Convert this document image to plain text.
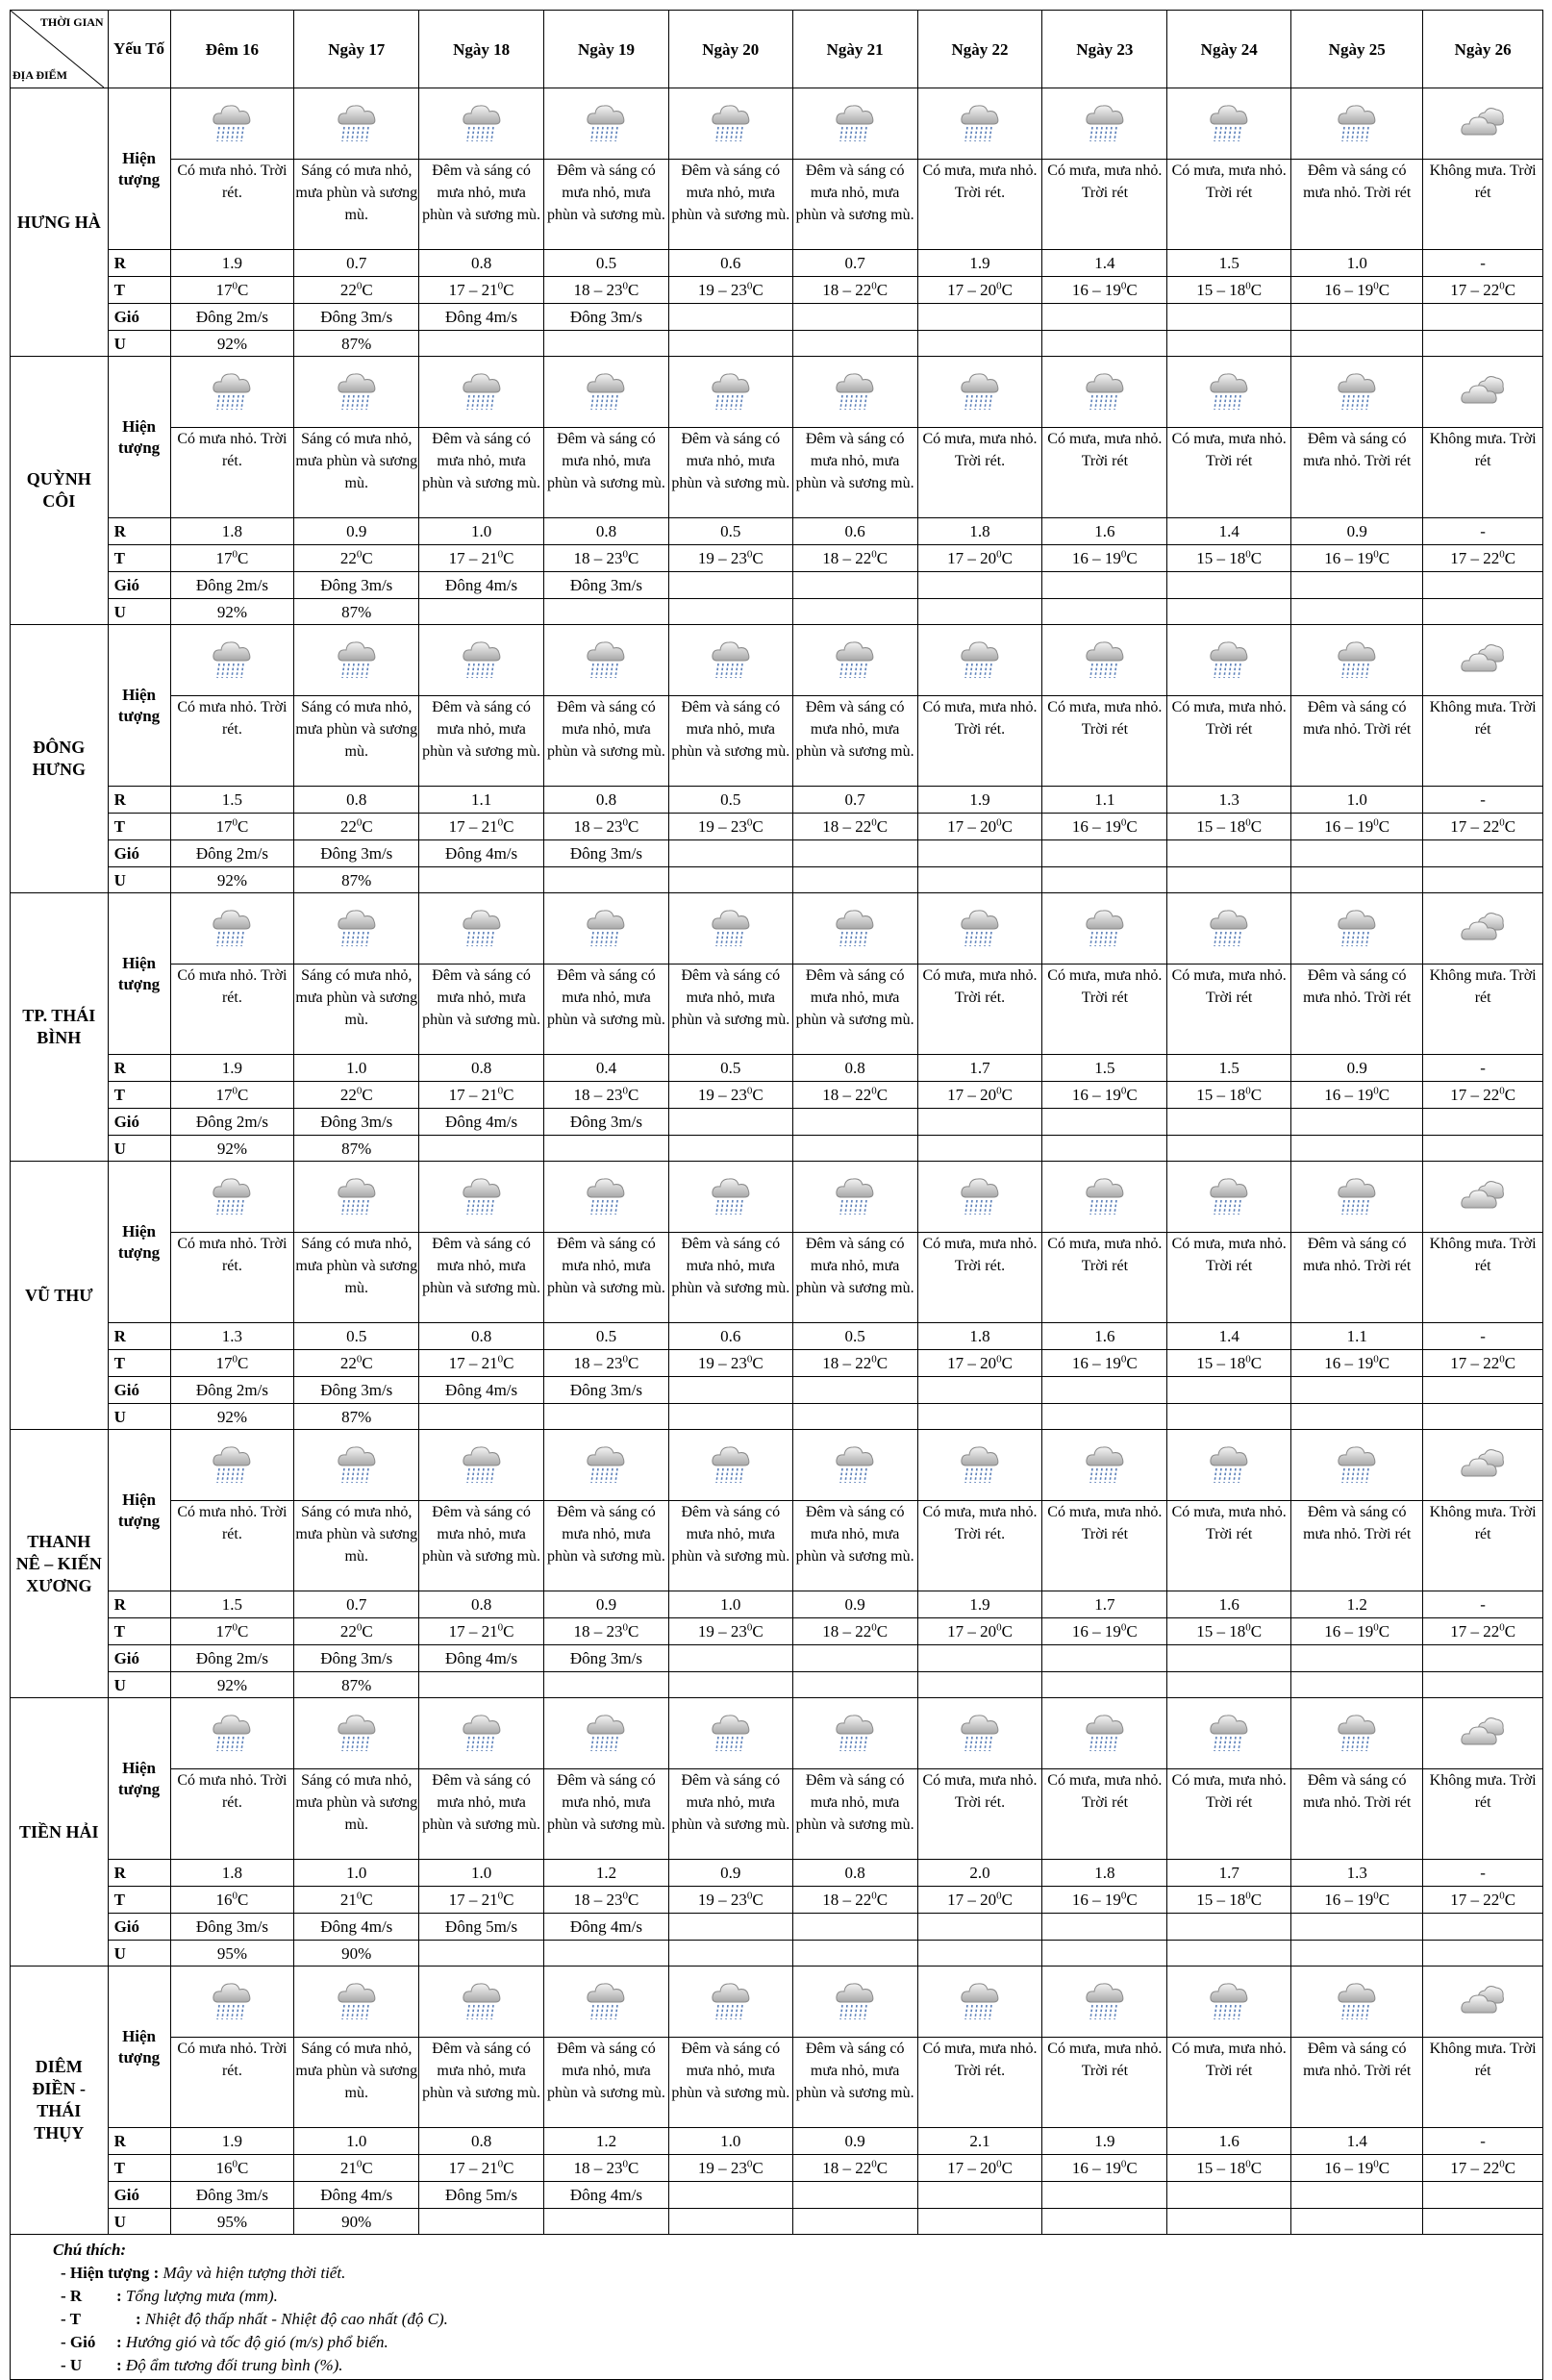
THỜI GIAN
ĐỊA ĐIỂM	Yếu Tố	Đêm 16	Ngày 17	Ngày 18	Ngày 19	Ngày 20	Ngày 21	Ngày 22	Ngày 23	Ngày 24	Ngày 25	Ngày 26
HƯNG HÀ	Hiện tượng											
		Có mưa nhỏ. Trời rét.	Sáng có mưa nhỏ, mưa phùn và sương mù.	Đêm và sáng có mưa nhỏ, mưa phùn và sương mù.	Đêm và sáng có mưa nhỏ, mưa phùn và sương mù.	Đêm và sáng có mưa nhỏ, mưa phùn và sương mù.	Đêm và sáng có mưa nhỏ, mưa phùn và sương mù.	Có mưa, mưa nhỏ. Trời rét.	Có mưa, mưa nhỏ. Trời rét	Có mưa, mưa nhỏ. Trời rét	Đêm và sáng có mưa nhỏ. Trời rét	Không mưa. Trời rét
	R	1.9	0.7	0.8	0.5	0.6	0.7	1.9	1.4	1.5	1.0	-
	T	$17^0C$	$22^0C$	$17 - 21^0C$	$18 - 23^0C$	$19 - 23^0C$	$18 - 22^0C$	$17 - 20^0C$	$16 - 19^0C$	$15 - 18^0C$	$16 - 19^0C$	$17 - 22^0C$
	Gió	Đông 2m/s	Đông 3m/s	Đông 4m/s	Đông 3m/s							
	U	92%	87%									
QUỲNH CÔI	Hiện tượng											
		Có mưa nhỏ. Trời rét.	Sáng có mưa nhỏ, mưa phùn và sương mù.	Đêm và sáng có mưa nhỏ, mưa phùn và sương mù.	Đêm và sáng có mưa nhỏ, mưa phùn và sương mù.	Đêm và sáng có mưa nhỏ, mưa phùn và sương mù.	Đêm và sáng có mưa nhỏ, mưa phùn và sương mù.	Có mưa, mưa nhỏ. Trời rét.	Có mưa, mưa nhỏ. Trời rét	Có mưa, mưa nhỏ. Trời rét	Đêm và sáng có mưa nhỏ. Trời rét	Không mưa. Trời rét
	R	1.8	0.9	1.0	0.8	0.5	0.6	1.8	1.6	1.4	0.9	-
	T	$17^0C$	$22^0C$	$17 - 21^0C$	$18 - 23^0C$	$19 - 23^0C$	$18 - 22^0C$	$17 - 20^0C$	$16 - 19^0C$	$15 - 18^0C$	$16 - 19^0C$	$17 - 22^0C$
	Gió	Đông 2m/s	Đông 3m/s	Đông 4m/s	Đông 3m/s							
	U	92%	87%									
ĐÔNG HƯNG	Hiện tượng											
		Có mưa nhỏ. Trời rét.	Sáng có mưa nhỏ, mưa phùn và sương mù.	Đêm và sáng có mưa nhỏ, mưa phùn và sương mù.	Đêm và sáng có mưa nhỏ, mưa phùn và sương mù.	Đêm và sáng có mưa nhỏ, mưa phùn và sương mù.	Đêm và sáng có mưa nhỏ, mưa phùn và sương mù.	Có mưa, mưa nhỏ. Trời rét.	Có mưa, mưa nhỏ. Trời rét	Có mưa, mưa nhỏ. Trời rét	Đêm và sáng có mưa nhỏ. Trời rét	Không mưa. Trời rét
	R	1.5	0.8	1.1	0.8	0.5	0.7	1.9	1.1	1.3	1.0	-
	T	$17^0C$	$22^0C$	$17 - 21^0C$	$18 - 23^0C$	$19 - 23^0C$	$18 - 22^0C$	$17 - 20^0C$	$16 - 19^0C$	$15 - 18^0C$	$16 - 19^0C$	$17 - 22^0C$
	Gió	Đông 2m/s	Đông 3m/s	Đông 4m/s	Đông 3m/s							
	U	92%	87%									
TP. THÁI BÌNH	Hiện tượng											
		Có mưa nhỏ. Trời rét.	Sáng có mưa nhỏ, mưa phùn và sương mù.	Đêm và sáng có mưa nhỏ, mưa phùn và sương mù.	Đêm và sáng có mưa nhỏ, mưa phùn và sương mù.	Đêm và sáng có mưa nhỏ, mưa phùn và sương mù.	Đêm và sáng có mưa nhỏ, mưa phùn và sương mù.	Có mưa, mưa nhỏ. Trời rét.	Có mưa, mưa nhỏ. Trời rét	Có mưa, mưa nhỏ. Trời rét	Đêm và sáng có mưa nhỏ. Trời rét	Không mưa. Trời rét
	R	1.9	1.0	0.8	0.4	0.5	0.8	1.7	1.5	1.5	0.9	-
	T	$17^0C$	$22^0C$	$17 - 21^0C$	$18 - 23^0C$	$19 - 23^0C$	$18 - 22^0C$	$17 - 20^0C$	$16 - 19^0C$	$15 - 18^0C$	$16 - 19^0C$	$17 - 22^0C$
	Gió	Đông 2m/s	Đông 3m/s	Đông 4m/s	Đông 3m/s							
	U	92%	87%									
VŨ THƯ	Hiện tượng											
		Có mưa nhỏ. Trời rét.	Sáng có mưa nhỏ, mưa phùn và sương mù.	Đêm và sáng có mưa nhỏ, mưa phùn và sương mù.	Đêm và sáng có mưa nhỏ, mưa phùn và sương mù.	Đêm và sáng có mưa nhỏ, mưa phùn và sương mù.	Đêm và sáng có mưa nhỏ, mưa phùn và sương mù.	Có mưa, mưa nhỏ. Trời rét.	Có mưa, mưa nhỏ. Trời rét	Có mưa, mưa nhỏ. Trời rét	Đêm và sáng có mưa nhỏ. Trời rét	Không mưa. Trời rét
	R	1.3	0.5	0.8	0.5	0.6	0.5	1.8	1.6	1.4	1.1	-
	T	$17^0C$	$22^0C$	$17 - 21^0C$	$18 - 23^0C$	$19 - 23^0C$	$18 - 22^0C$	$17 - 20^0C$	$16 - 19^0C$	$15 - 18^0C$	$16 - 19^0C$	$17 - 22^0C$
	Gió	Đông 2m/s	Đông 3m/s	Đông 4m/s	Đông 3m/s							
	U	92%	87%									
THANH NÊ – KIẾN XƯƠNG	Hiện tượng											
		Có mưa nhỏ. Trời rét.	Sáng có mưa nhỏ, mưa phùn và sương mù.	Đêm và sáng có mưa nhỏ, mưa phùn và sương mù.	Đêm và sáng có mưa nhỏ, mưa phùn và sương mù.	Đêm và sáng có mưa nhỏ, mưa phùn và sương mù.	Đêm và sáng có mưa nhỏ, mưa phùn và sương mù.	Có mưa, mưa nhỏ. Trời rét.	Có mưa, mưa nhỏ. Trời rét	Có mưa, mưa nhỏ. Trời rét	Đêm và sáng có mưa nhỏ. Trời rét	Không mưa. Trời rét
	R	1.5	0.7	0.8	0.9	1.0	0.9	1.9	1.7	1.6	1.2	-
	T	$17^0C$	$22^0C$	$17 - 21^0C$	$18 - 23^0C$	$19 - 23^0C$	$18 - 22^0C$	$17 - 20^0C$	$16 - 19^0C$	$15 - 18^0C$	$16 - 19^0C$	$17 - 22^0C$
	Gió	Đông 2m/s	Đông 3m/s	Đông 4m/s	Đông 3m/s							
	U	92%	87%									
TIỀN HẢI	Hiện tượng											
		Có mưa nhỏ. Trời rét.	Sáng có mưa nhỏ, mưa phùn và sương mù.	Đêm và sáng có mưa nhỏ, mưa phùn và sương mù.	Đêm và sáng có mưa nhỏ, mưa phùn và sương mù.	Đêm và sáng có mưa nhỏ, mưa phùn và sương mù.	Đêm và sáng có mưa nhỏ, mưa phùn và sương mù.	Có mưa, mưa nhỏ. Trời rét.	Có mưa, mưa nhỏ. Trời rét	Có mưa, mưa nhỏ. Trời rét	Đêm và sáng có mưa nhỏ. Trời rét	Không mưa. Trời rét
	R	1.8	1.0	1.0	1.2	0.9	0.8	2.0	1.8	1.7	1.3	-
	T	$16^0C$	$21^0C$	$17 - 21^0C$	$18 - 23^0C$	$19 - 23^0C$	$18 - 22^0C$	$17 - 20^0C$	$16 - 19^0C$	$15 - 18^0C$	$16 - 19^0C$	$17 - 22^0C$
	Gió	Đông 3m/s	Đông 4m/s	Đông 5m/s	Đông 4m/s							
	U	95%	90%									
DIÊM ĐIỀN - THÁI THỤY	Hiện tượng											
		Có mưa nhỏ. Trời rét.	Sáng có mưa nhỏ, mưa phùn và sương mù.	Đêm và sáng có mưa nhỏ, mưa phùn và sương mù.	Đêm và sáng có mưa nhỏ, mưa phùn và sương mù.	Đêm và sáng có mưa nhỏ, mưa phùn và sương mù.	Đêm và sáng có mưa nhỏ, mưa phùn và sương mù.	Có mưa, mưa nhỏ. Trời rét.	Có mưa, mưa nhỏ. Trời rét	Có mưa, mưa nhỏ. Trời rét	Đêm và sáng có mưa nhỏ. Trời rét	Không mưa. Trời rét
	R	1.9	1.0	0.8	1.2	1.0	0.9	2.1	1.9	1.6	1.4	-
	T	$16^0C$	$21^0C$	$17 - 21^0C$	$18 - 23^0C$	$19 - 23^0C$	$18 - 22^0C$	$17 - 20^0C$	$16 - 19^0C$	$15 - 18^0C$	$16 - 19^0C$	$17 - 22^0C$
	Gió	Đông 3m/s	Đông 4m/s	Đông 5m/s	Đông 4m/s							
	U	95%	90%									
Chú thích:
- Hiện tượng : Mây và hiện tượng thời tiết.
- R : Tổng lượng mưa (mm).
- T	: Nhiệt độ thấp nhất - Nhiệt độ cao nhất (độ C).
- Gió : Hướng gió và tốc độ gió (m/s) phổ biến.
- U : Độ ẩm tương đối trung bình (%).
